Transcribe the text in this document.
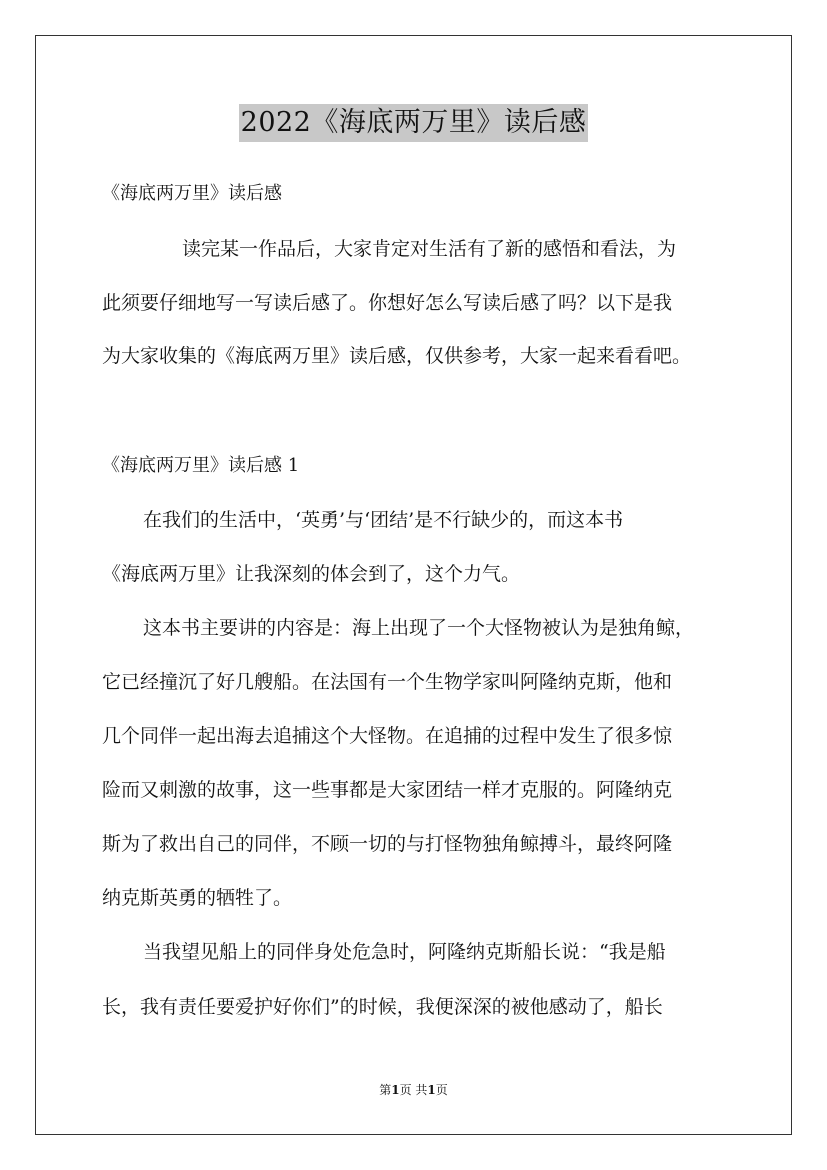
2022《海底两万里》读后感
《海底两万里》读后感
读完某一作品后，大家肯定对生活有了新的感悟和看法，为
此须要仔细地写一写读后感了。你想好怎么写读后感了吗？以下是我
为大家收集的《海底两万里》读后感，仅供参考，大家一起来看看吧。
《海底两万里》读后感 1
在我们的生活中，‘英勇’与‘团结’是不行缺少的，而这本书
《海底两万里》让我深刻的体会到了，这个力气。
这本书主要讲的内容是：海上出现了一个大怪物被认为是独角鲸，
它已经撞沉了好几艘船。在法国有一个生物学家叫阿隆纳克斯，他和
几个同伴一起出海去追捕这个大怪物。在追捕的过程中发生了很多惊
险而又刺激的故事，这一些事都是大家团结一样才克服的。阿隆纳克
斯为了救出自己的同伴，不顾一切的与打怪物独角鲸搏斗，最终阿隆
纳克斯英勇的牺牲了。
当我望见船上的同伴身处危急时，阿隆纳克斯船长说：“我是船
长，我有责任要爱护好你们”的时候，我便深深的被他感动了，船长
第1页 共1页
